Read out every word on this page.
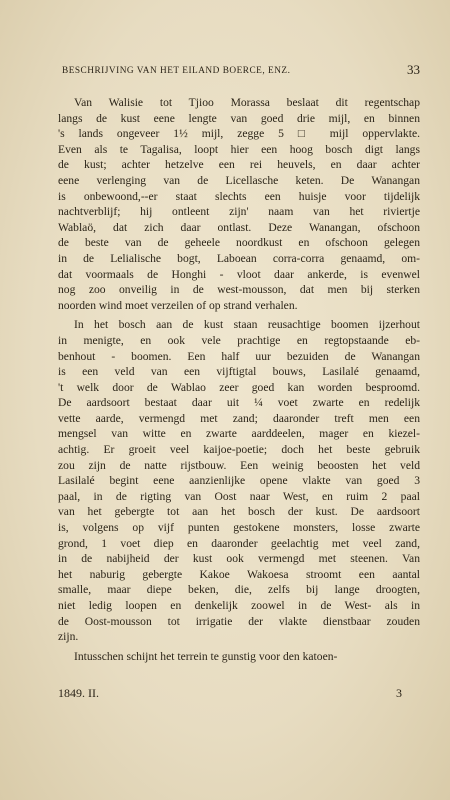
BESCHRIJVING VAN HET EILAND BOERCE, ENZ.	33
Van Walisie tot Tjioo Morassa beslaat dit regentschap
langs de kust eene lengte van goed drie mijl, en binnen
's lands ongeveer 1½ mijl, zegge 5 □ mijl oppervlakte.
Even als te Tagalisa, loopt hier een hoog bosch digt langs
de kust; achter hetzelve een rei heuvels, en daar achter
eene verlenging van de Licellasche keten. De Wanangan
is onbewoond,--er staat slechts een huisje voor tijdelijk
nachtverblijf; hij ontleent zijn' naam van het riviertje
Wablaö, dat zich daar ontlast. Deze Wanangan, ofschoon
de beste van de geheele noordkust en ofschoon gelegen
in de Lelialische bogt, Laboean corra-corra genaamd, om-
dat voormaals de Honghi - vloot daar ankerde, is evenwel
nog zoo onveilig in de west-mousson, dat men bij sterken
noorden wind moet verzeilen of op strand verhalen.
In het bosch aan de kust staan reusachtige boomen ijzerhout
in menigte, en ook vele prachtige en regtopstaande eb-
benhout - boomen. Een half uur bezuiden de Wanangan
is een veld van een vijftigtal bouws, Lasilalé genaamd,
't welk door de Wablao zeer goed kan worden besproomd.
De aardsoort bestaat daar uit ¼ voet zwarte en redelijk
vette aarde, vermengd met zand; daaronder treft men een
mengsel van witte en zwarte aarddeelen, mager en kiezel-
achtig. Er groeit veel kaijoe-poetie; doch het beste gebruik
zou zijn de natte rijstbouw. Een weinig beoosten het veld
Lasilalé begint eene aanzienlijke opene vlakte van goed 3
paal, in de rigting van Oost naar West, en ruim 2 paal
van het gebergte tot aan het bosch der kust. De aardsoort
is, volgens op vijf punten gestokene monsters, losse zwarte
grond, 1 voet diep en daaronder geelachtig met veel zand,
in de nabijheid der kust ook vermengd met steenen. Van
het naburig gebergte Kakoe Wakoesa stroomt een aantal
smalle, maar diepe beken, die, zelfs bij lange droogten,
niet ledig loopen en denkelijk zoowel in de West- als in
de Oost-mousson tot irrigatie der vlakte dienstbaar zouden
zijn.
Intusschen schijnt het terrein te gunstig voor den katoen-
1849. II.	3
